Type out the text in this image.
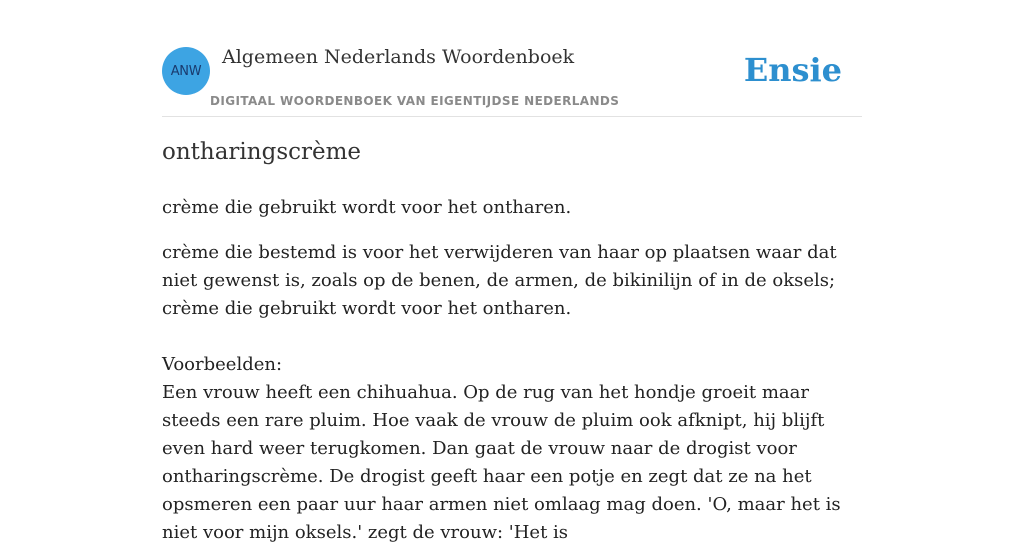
ANW
Algemeen Nederlands Woordenboek
DIGITAAL WOORDENBOEK VAN EIGENTIJDSE NEDERLANDS
Ensie
ontharingscrème

crème die gebruikt wordt voor het ontharen.

crème die bestemd is voor het verwijderen van haar op plaatsen waar dat niet gewenst is, zoals op de benen, de armen, de bikinilijn of in de oksels; crème die gebruikt wordt voor het ontharen.

Voorbeelden:
Een vrouw heeft een chihuahua. Op de rug van het hondje groeit maar steeds een rare pluim. Hoe vaak de vrouw de pluim ook afknipt, hij blijft even hard weer terugkomen. Dan gaat de vrouw naar de drogist voor ontharingscrème. De drogist geeft haar een potje en zegt dat ze na het opsmeren een paar uur haar armen niet omlaag mag doen. 'O, maar het is niet voor mijn oksels.' zegt de vrouw: 'Het is
